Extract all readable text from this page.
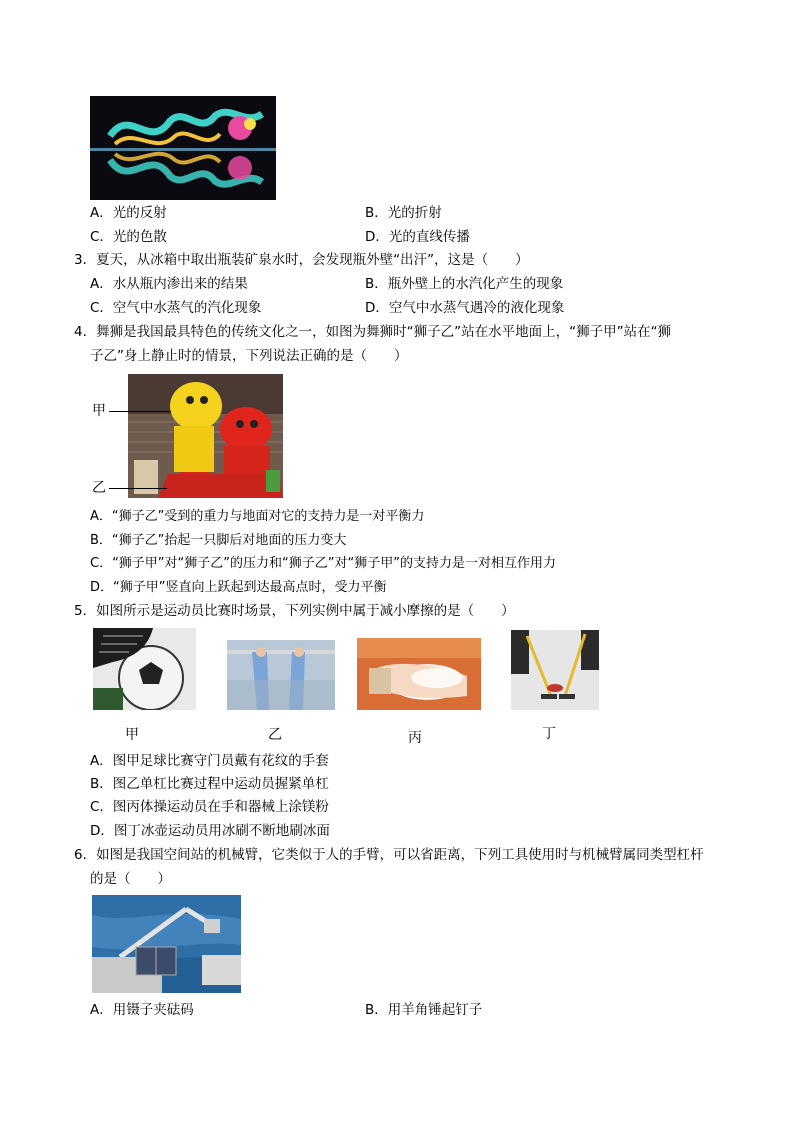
A．光的反射	B．光的折射
C．光的色散	D．光的直线传播
3．夏天，从冰箱中取出瓶装矿泉水时，会发现瓶外壁“出汗”，这是（　　）
A．水从瓶内渗出来的结果	B．瓶外壁上的水汽化产生的现象
C．空气中水蒸气的汽化现象	D．空气中水蒸气遇冷的液化现象
4．舞狮是我国最具特色的传统文化之一，如图为舞狮时“狮子乙”站在水平地面上，“狮子甲”站在“狮
子乙”身上静止时的情景，下列说法正确的是（　　）
甲
乙
A．“狮子乙”受到的重力与地面对它的支持力是一对平衡力
B．“狮子乙”抬起一只脚后对地面的压力变大
C．“狮子甲”对“狮子乙”的压力和“狮子乙”对“狮子甲”的支持力是一对相互作用力
D．“狮子甲”竖直向上跃起到达最高点时，受力平衡
5．如图所示是运动员比赛时场景，下列实例中属于减小摩擦的是（　　）
甲	乙	丙	丁
A．图甲足球比赛守门员戴有花纹的手套
B．图乙单杠比赛过程中运动员握紧单杠
C．图丙体操运动员在手和器械上涂镁粉
D．图丁冰壶运动员用冰刷不断地刷冰面
6．如图是我国空间站的机械臂，它类似于人的手臂，可以省距离，下列工具使用时与机械臂属同类型杠杆
的是（　　）
A．用镊子夹砝码	B．用羊角锤起钉子
